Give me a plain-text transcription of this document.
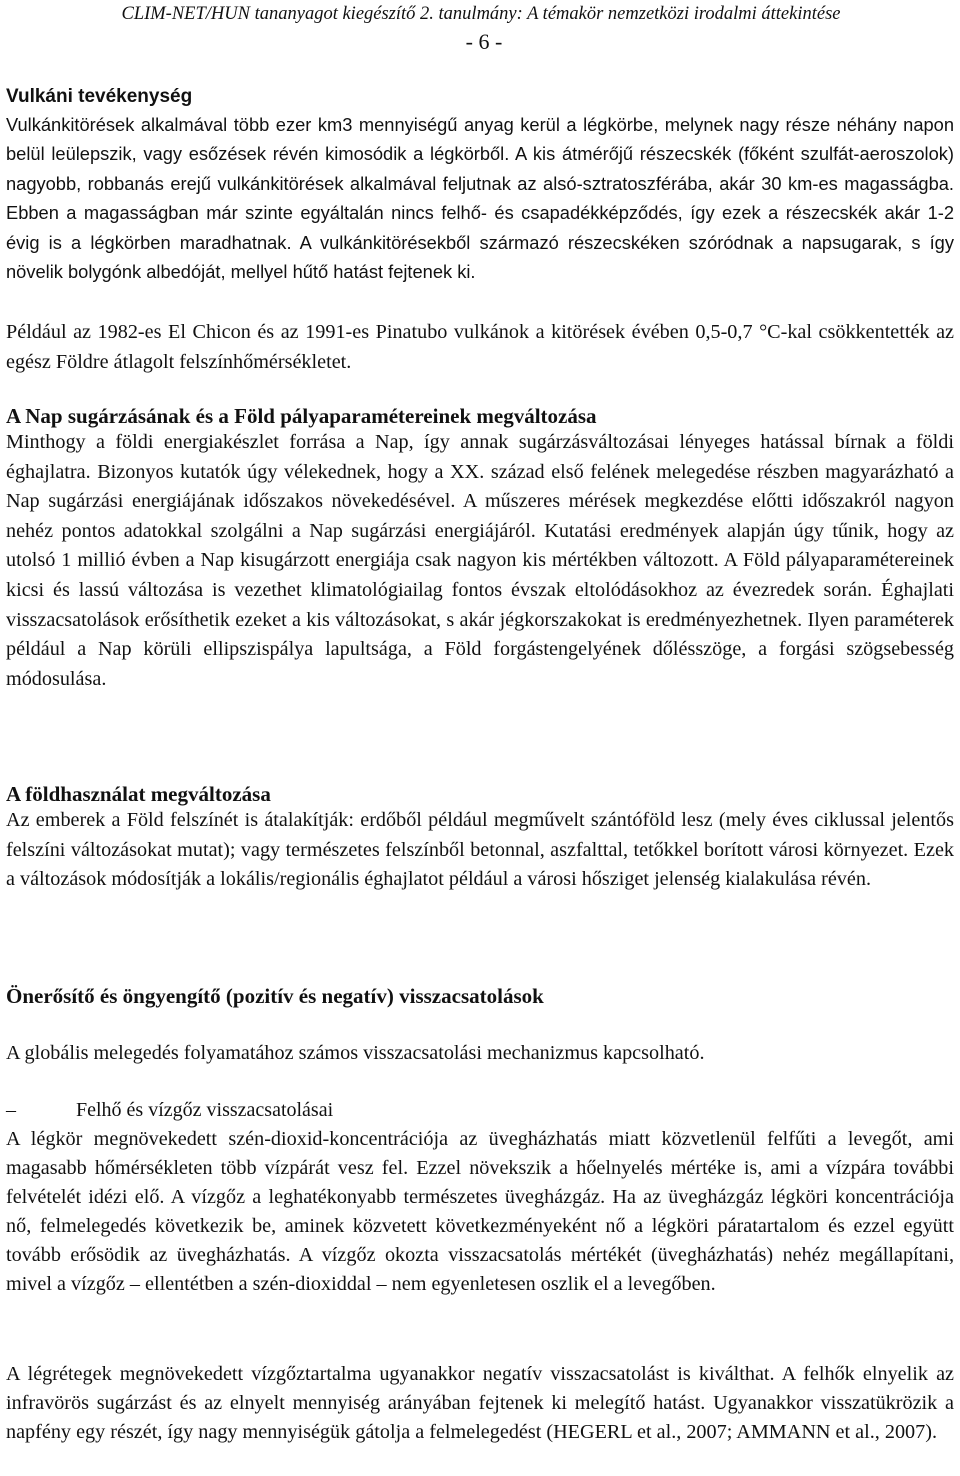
CLIM-NET/HUN tananyagot kiegészítő 2. tanulmány: A témakör nemzetközi irodalmi áttekintése
- 6 -
Vulkáni tevékenység

Vulkánkitörések alkalmával több ezer km3 mennyiségű anyag kerül a légkörbe, melynek nagy része néhány napon belül leülepszik, vagy esőzések révén kimosódik a légkörből. A kis átmérőjű részecskék (főként szulfát-aeroszolok) nagyobb, robbanás erejű vulkánkitörések alkalmával feljutnak az alsó-sztratoszférába, akár 30 km-es magasságba. Ebben a magasságban már szinte egyáltalán nincs felhő- és csapadékképződés, így ezek a részecskék akár 1-2 évig is a légkörben maradhatnak. A vulkánkitörésekből származó részecskéken szóródnak a napsugarak, s így növelik bolygónk albedóját, mellyel hűtő hatást fejtenek ki.

Például az 1982-es El Chicon és az 1991-es Pinatubo vulkánok a kitörések évében 0,5-0,7 °C-kal csökkentették az egész Földre átlagolt felszínhőmérsékletet.

A Nap sugárzásának és a Föld pályaparamétereinek megváltozása

Minthogy a földi energiakészlet forrása a Nap, így annak sugárzásváltozásai lényeges hatással bírnak a földi éghajlatra. Bizonyos kutatók úgy vélekednek, hogy a XX. század első felének melegedése részben magyarázható a Nap sugárzási energiájának időszakos növekedésével. A műszeres mérések megkezdése előtti időszakról nagyon nehéz pontos adatokkal szolgálni a Nap sugárzási energiájáról. Kutatási eredmények alapján úgy tűnik, hogy az utolsó 1 millió évben a Nap kisugárzott energiája csak nagyon kis mértékben változott. A Föld pályaparamétereinek kicsi és lassú változása is vezethet klimatológiailag fontos évszak eltolódásokhoz az évezredek során. Éghajlati visszacsatolások erősíthetik ezeket a kis változásokat, s akár jégkorszakokat is eredményezhetnek. Ilyen paraméterek például a Nap körüli ellipszispálya lapultsága, a Föld forgástengelyének dőlésszöge, a forgási szögsebesség módosulása.

A földhasználat megváltozása

Az emberek a Föld felszínét is átalakítják: erdőből például megművelt szántóföld lesz (mely éves ciklussal jelentős felszíni változásokat mutat); vagy természetes felszínből betonnal, aszfalttal, tetőkkel borított városi környezet. Ezek a változások módosítják a lokális/regionális éghajlatot például a városi hősziget jelenség kialakulása révén.

Önerősítő és öngyengítő (pozitív és negatív) visszacsatolások

A globális melegedés folyamatához számos visszacsatolási mechanizmus kapcsolható.

–	Felhő és vízgőz visszacsatolásai

A légkör megnövekedett szén-dioxid-koncentrációja az üvegházhatás miatt közvetlenül felfűti a levegőt, ami magasabb hőmérsékleten több vízpárát vesz fel. Ezzel növekszik a hőelnyelés mértéke is, ami a vízpára további felvételét idézi elő. A vízgőz a leghatékonyabb természetes üvegházgáz. Ha az üvegházgáz légköri koncentrációja nő, felmelegedés következik be, aminek közvetett következményeként nő a légköri páratartalom és ezzel együtt tovább erősödik az üvegházhatás. A vízgőz okozta visszacsatolás mértékét (üvegházhatás) nehéz megállapítani, mivel a vízgőz – ellentétben a szén-dioxiddal – nem egyenletesen oszlik el a levegőben.

A légrétegek megnövekedett vízgőztartalma ugyanakkor negatív visszacsatolást is kiválthat. A felhők elnyelik az infravörös sugárzást és az elnyelt mennyiség arányában fejtenek ki melegítő hatást. Ugyanakkor visszatükrözik a napfény egy részét, így nagy mennyiségük gátolja a felmelegedést (HEGERL et al., 2007; AMMANN et al., 2007).
